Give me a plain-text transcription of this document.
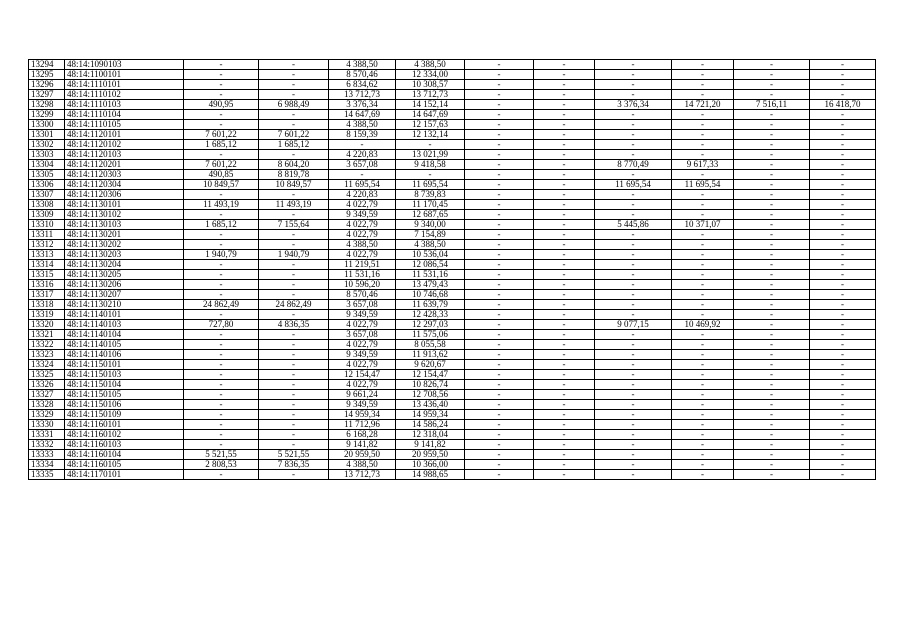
13294	48:14:1090103	-	-	4 388,50	4 388,50	-	-	-	-	-	-
13295	48:14:1100101	-	-	8 570,46	12 334,00	-	-	-	-	-	-
13296	48:14:1110101	-	-	6 834,62	10 308,57	-	-	-	-	-	-
13297	48:14:1110102	-	-	13 712,73	13 712,73	-	-	-	-	-	-
13298	48:14:1110103	490,95	6 988,49	3 376,34	14 152,14	-	-	3 376,34	14 721,20	7 516,11	16 418,70
13299	48:14:1110104	-	-	14 647,69	14 647,69	-	-	-	-	-	-
13300	48:14:1110105	-	-	4 388,50	12 157,63	-	-	-	-	-	-
13301	48:14:1120101	7 601,22	7 601,22	8 159,39	12 132,14	-	-	-	-	-	-
13302	48:14:1120102	1 685,12	1 685,12	-	-	-	-	-	-	-	-
13303	48:14:1120103	-	-	4 220,83	13 021,99	-	-	-	-	-	-
13304	48:14:1120201	7 601,22	8 604,20	3 657,08	9 418,58	-	-	8 770,49	9 617,33	-	-
13305	48:14:1120303	490,85	8 819,78	-	-	-	-	-	-	-	-
13306	48:14:1120304	10 849,57	10 849,57	11 695,54	11 695,54	-	-	11 695,54	11 695,54	-	-
13307	48:14:1120306	-	-	4 220,83	8 739,83	-	-	-	-	-	-
13308	48:14:1130101	11 493,19	11 493,19	4 022,79	11 170,45	-	-	-	-	-	-
13309	48:14:1130102	-	-	9 349,59	12 687,65	-	-	-	-	-	-
13310	48:14:1130103	1 685,12	7 155,64	4 022,79	9 340,00	-	-	5 445,86	10 371,07	-	-
13311	48:14:1130201	-	-	4 022,79	7 154,89	-	-	-	-	-	-
13312	48:14:1130202	-	-	4 388,50	4 388,50	-	-	-	-	-	-
13313	48:14:1130203	1 940,79	1 940,79	4 022,79	10 536,04	-	-	-	-	-	-
13314	48:14:1130204	-	-	11 219,51	12 086,54	-	-	-	-	-	-
13315	48:14:1130205	-	-	11 531,16	11 531,16	-	-	-	-	-	-
13316	48:14:1130206	-	-	10 596,20	13 479,43	-	-	-	-	-	-
13317	48:14:1130207	-	-	8 570,46	10 746,68	-	-	-	-	-	-
13318	48:14:1130210	24 862,49	24 862,49	3 657,08	11 639,79	-	-	-	-	-	-
13319	48:14:1140101	-	-	9 349,59	12 428,33	-	-	-	-	-	-
13320	48:14:1140103	727,80	4 836,35	4 022,79	12 297,03	-	-	9 077,15	10 469,92	-	-
13321	48:14:1140104	-	-	3 657,08	11 575,06	-	-	-	-	-	-
13322	48:14:1140105	-	-	4 022,79	8 055,58	-	-	-	-	-	-
13323	48:14:1140106	-	-	9 349,59	11 913,62	-	-	-	-	-	-
13324	48:14:1150101	-	-	4 022,79	9 620,67	-	-	-	-	-	-
13325	48:14:1150103	-	-	12 154,47	12 154,47	-	-	-	-	-	-
13326	48:14:1150104	-	-	4 022,79	10 826,74	-	-	-	-	-	-
13327	48:14:1150105	-	-	9 661,24	12 708,56	-	-	-	-	-	-
13328	48:14:1150106	-	-	9 349,59	13 436,40	-	-	-	-	-	-
13329	48:14:1150109	-	-	14 959,34	14 959,34	-	-	-	-	-	-
13330	48:14:1160101	-	-	11 712,96	14 586,24	-	-	-	-	-	-
13331	48:14:1160102	-	-	6 168,28	12 318,04	-	-	-	-	-	-
13332	48:14:1160103	-	-	9 141,82	9 141,82	-	-	-	-	-	-
13333	48:14:1160104	5 521,55	5 521,55	20 959,50	20 959,50	-	-	-	-	-	-
13334	48:14:1160105	2 808,53	7 836,35	4 388,50	10 366,00	-	-	-	-	-	-
13335	48:14:1170101	-	-	13 712,73	14 988,65	-	-	-	-	-	-
